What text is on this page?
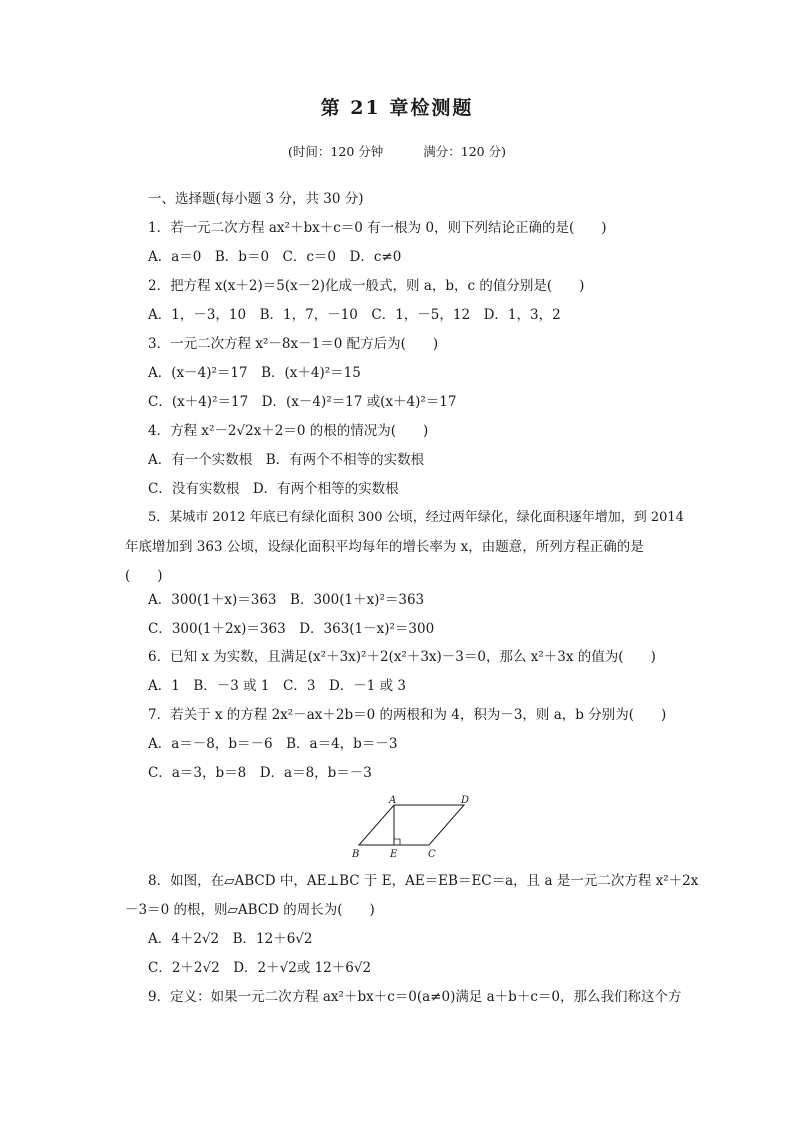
第 21 章检测题
(时间：120 分钟	满分：120 分)
一、选择题(每小题 3 分，共 30 分)
1．若一元二次方程 ax²＋bx＋c＝0 有一根为 0，则下列结论正确的是(　　)
A．a＝0　B．b＝0　C．c＝0　D．c≠0
2．把方程 x(x＋2)＝5(x－2)化成一般式，则 a，b，c 的值分别是(　　)
A．1，－3，10　B．1，7，－10　C．1，－5，12　D．1，3，2
3．一元二次方程 x²－8x－1＝0 配方后为(　　)
A．(x－4)²＝17　B．(x＋4)²＝15
C．(x＋4)²＝17　D．(x－4)²＝17 或(x＋4)²＝17
4．方程 x²－2√2x＋2＝0 的根的情况为(　　)
A．有一个实数根　B．有两个不相等的实数根
C．没有实数根　D．有两个相等的实数根
5．某城市 2012 年底已有绿化面积 300 公顷，经过两年绿化，绿化面积逐年增加，到 2014
年底增加到 363 公顷，设绿化面积平均每年的增长率为 x，由题意，所列方程正确的是
(　　)
A．300(1＋x)＝363　B．300(1＋x)²＝363
C．300(1＋2x)＝363　D．363(1－x)²＝300
6．已知 x 为实数，且满足(x²＋3x)²＋2(x²＋3x)－3＝0，那么 x²＋3x 的值为(　　)
A．1　B．－3 或 1　C．3　D．－1 或 3
7．若关于 x 的方程 2x²－ax＋2b＝0 的两根和为 4，积为－3，则 a，b 分别为(　　)
A．a＝－8，b＝－6　B．a＝4，b＝－3
C．a＝3，b＝8　D．a＝8，b＝－3
A	D
B	E	C
8．如图，在▱ABCD 中，AE⊥BC 于 E，AE＝EB＝EC＝a，且 a 是一元二次方程 x²＋2x
－3＝0 的根，则▱ABCD 的周长为(　　)
A．4＋2√2　B．12＋6√2
C．2＋2√2　D．2＋√2或 12＋6√2
9．定义：如果一元二次方程 ax²＋bx＋c＝0(a≠0)满足 a＋b＋c＝0，那么我们称这个方
